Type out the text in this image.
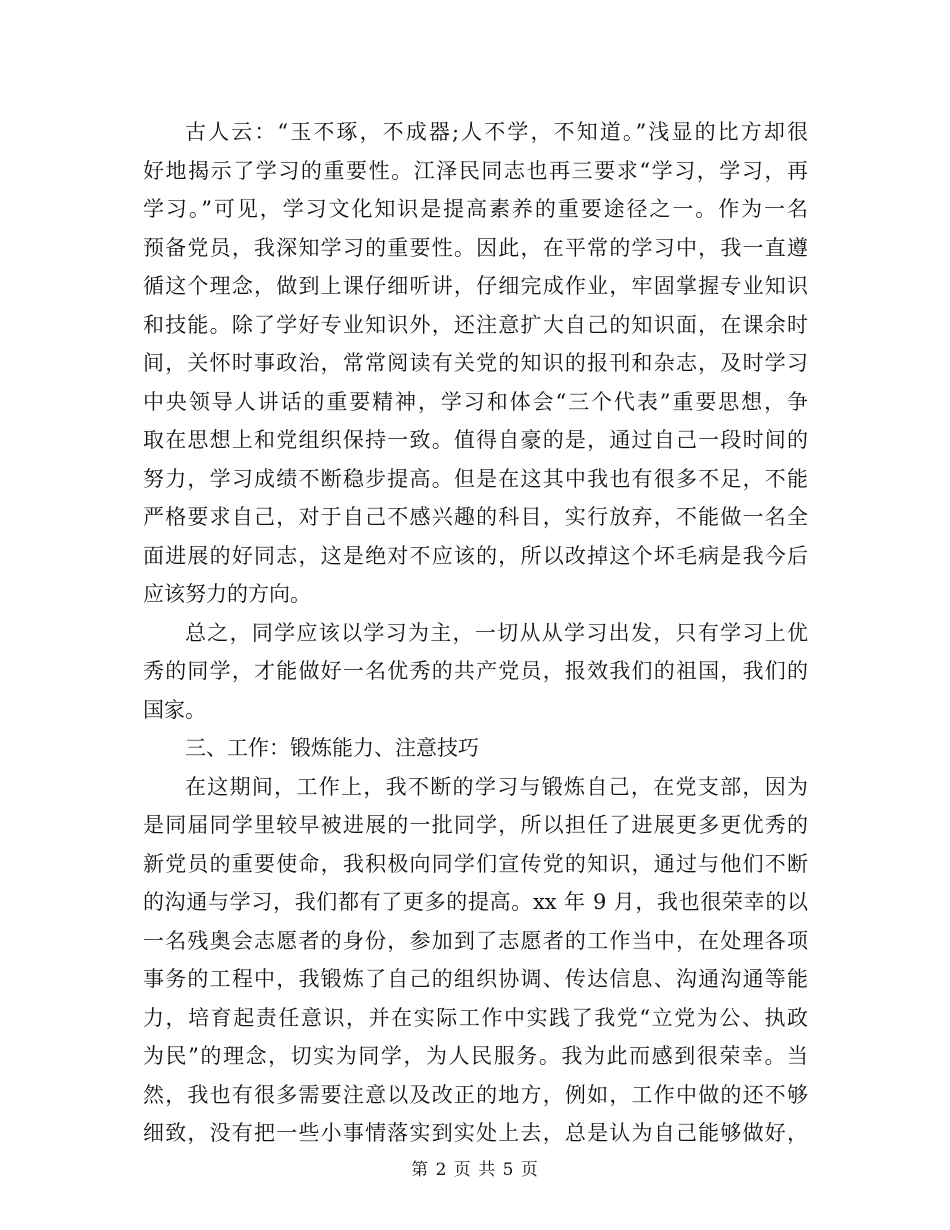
古人云：“玉不琢，不成器;人不学，不知道。”浅显的比方却很
好地揭示了学习的重要性。江泽民同志也再三要求“学习，学习，再
学习。”可见，学习文化知识是提高素养的重要途径之一。作为一名
预备党员，我深知学习的重要性。因此，在平常的学习中，我一直遵
循这个理念，做到上课仔细听讲，仔细完成作业，牢固掌握专业知识
和技能。除了学好专业知识外，还注意扩大自己的知识面，在课余时
间，关怀时事政治，常常阅读有关党的知识的报刊和杂志，及时学习
中央领导人讲话的重要精神，学习和体会“三个代表”重要思想，争
取在思想上和党组织保持一致。值得自豪的是，通过自己一段时间的
努力，学习成绩不断稳步提高。但是在这其中我也有很多不足，不能
严格要求自己，对于自己不感兴趣的科目，实行放弃，不能做一名全
面进展的好同志，这是绝对不应该的，所以改掉这个坏毛病是我今后
应该努力的方向。
总之，同学应该以学习为主，一切从从学习出发，只有学习上优
秀的同学，才能做好一名优秀的共产党员，报效我们的祖国，我们的
国家。
三、工作：锻炼能力、注意技巧
在这期间，工作上，我不断的学习与锻炼自己，在党支部，因为
是同届同学里较早被进展的一批同学，所以担任了进展更多更优秀的
新党员的重要使命，我积极向同学们宣传党的知识，通过与他们不断
的沟通与学习，我们都有了更多的提高。xx 年 9 月，我也很荣幸的以
一名残奥会志愿者的身份，参加到了志愿者的工作当中，在处理各项
事务的工程中，我锻炼了自己的组织协调、传达信息、沟通沟通等能
力，培育起责任意识，并在实际工作中实践了我党“立党为公、执政
为民”的理念，切实为同学，为人民服务。我为此而感到很荣幸。当
然，我也有很多需要注意以及改正的地方，例如，工作中做的还不够
细致，没有把一些小事情落实到实处上去，总是认为自己能够做好，
第 2 页 共 5 页
